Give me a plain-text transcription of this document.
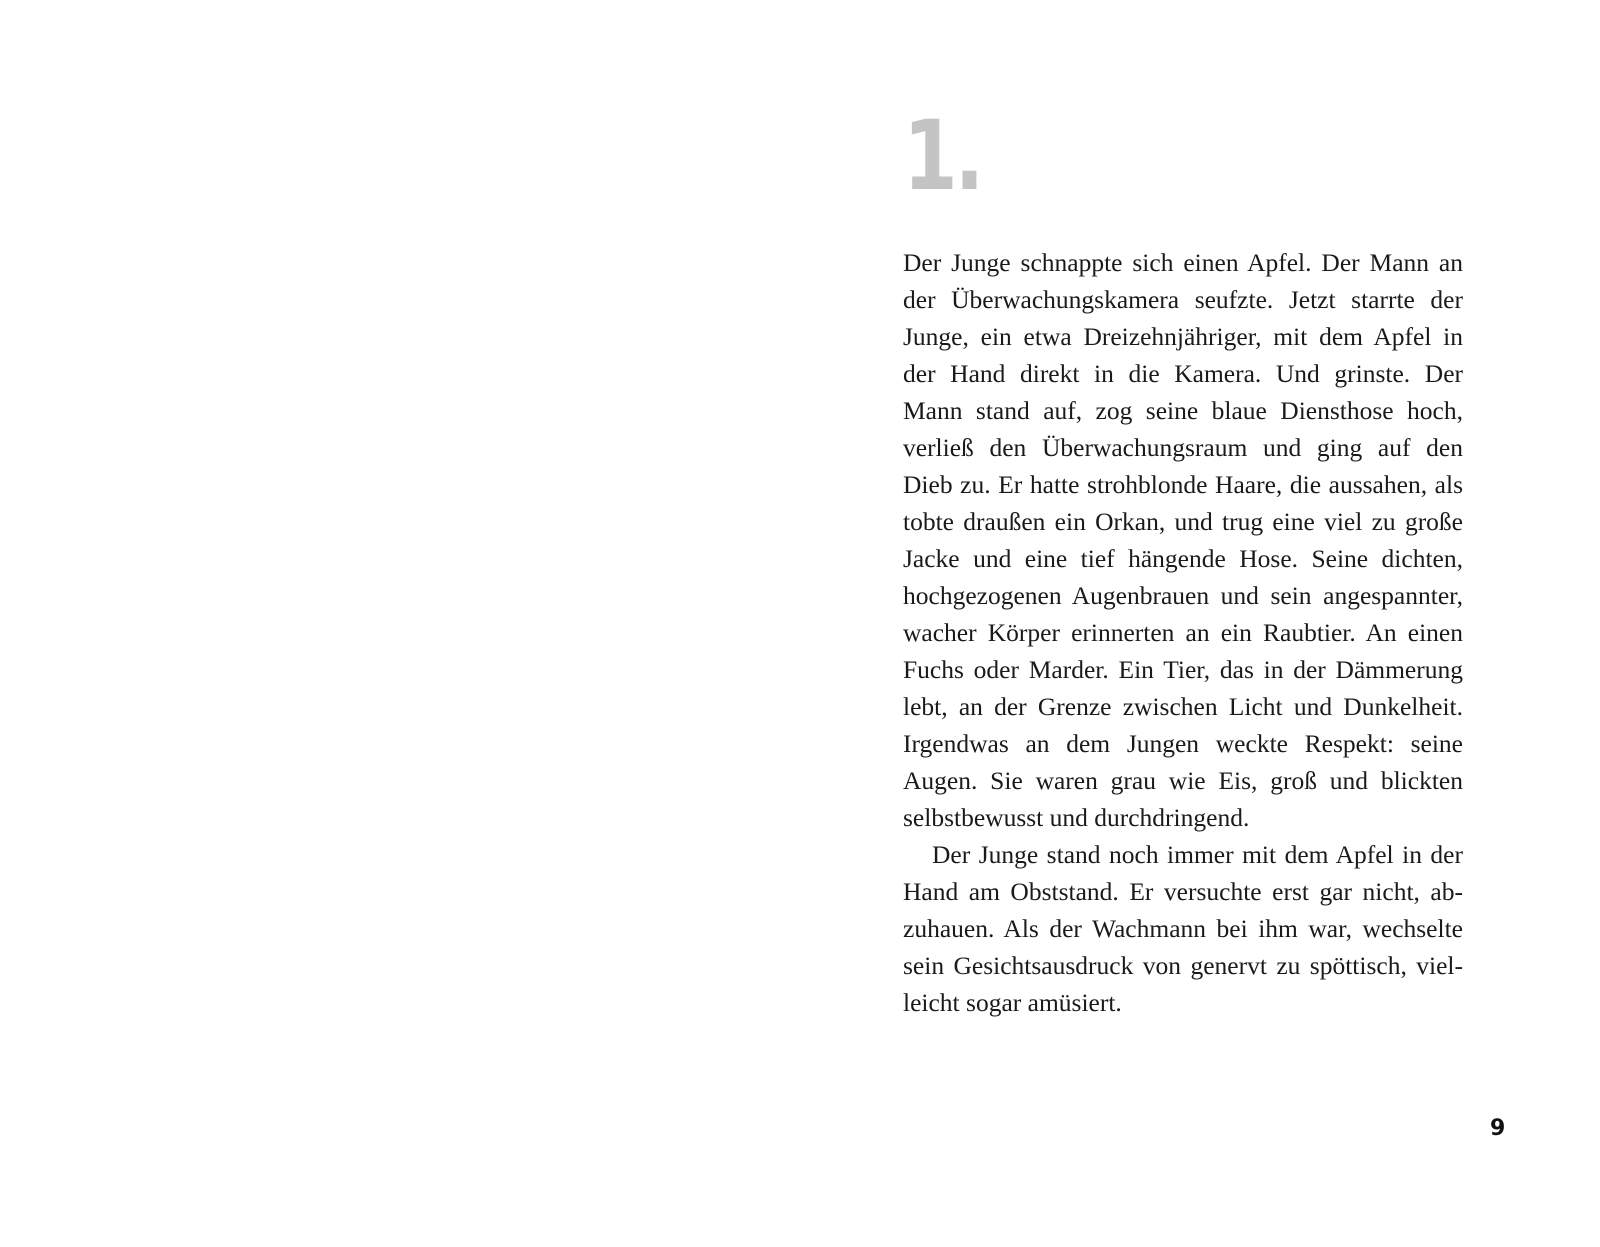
1.

Der Junge schnappte sich einen Apfel. Der Mann an der Überwachungskamera seufzte. Jetzt starrte der Junge, ein etwa Dreizehnjähriger, mit dem Apfel in der Hand direkt in die Kamera. Und grinste. Der Mann stand auf, zog seine blaue Diensthose hoch, verließ den Überwachungsraum und ging auf den Dieb zu. Er hatte strohblonde Haare, die aussahen, als tobte draußen ein Orkan, und trug eine viel zu große Jacke und eine tief hängende Hose. Seine dichten, hochgezogenen Augenbrauen und sein angespannter, wacher Körper erinnerten an ein Raubtier. An einen Fuchs oder Marder. Ein Tier, das in der Dämmerung lebt, an der Grenze zwischen Licht und Dunkelheit. Irgendwas an dem Jungen weckte Respekt: seine Augen. Sie waren grau wie Eis, groß und blickten selbstbewusst und durchdringend.

Der Junge stand noch immer mit dem Apfel in der Hand am Obststand. Er versuchte erst gar nicht, abzuhauen. Als der Wachmann bei ihm war, wechselte sein Gesichtsausdruck von genervt zu spöttisch, vielleicht sogar amüsiert.

9
